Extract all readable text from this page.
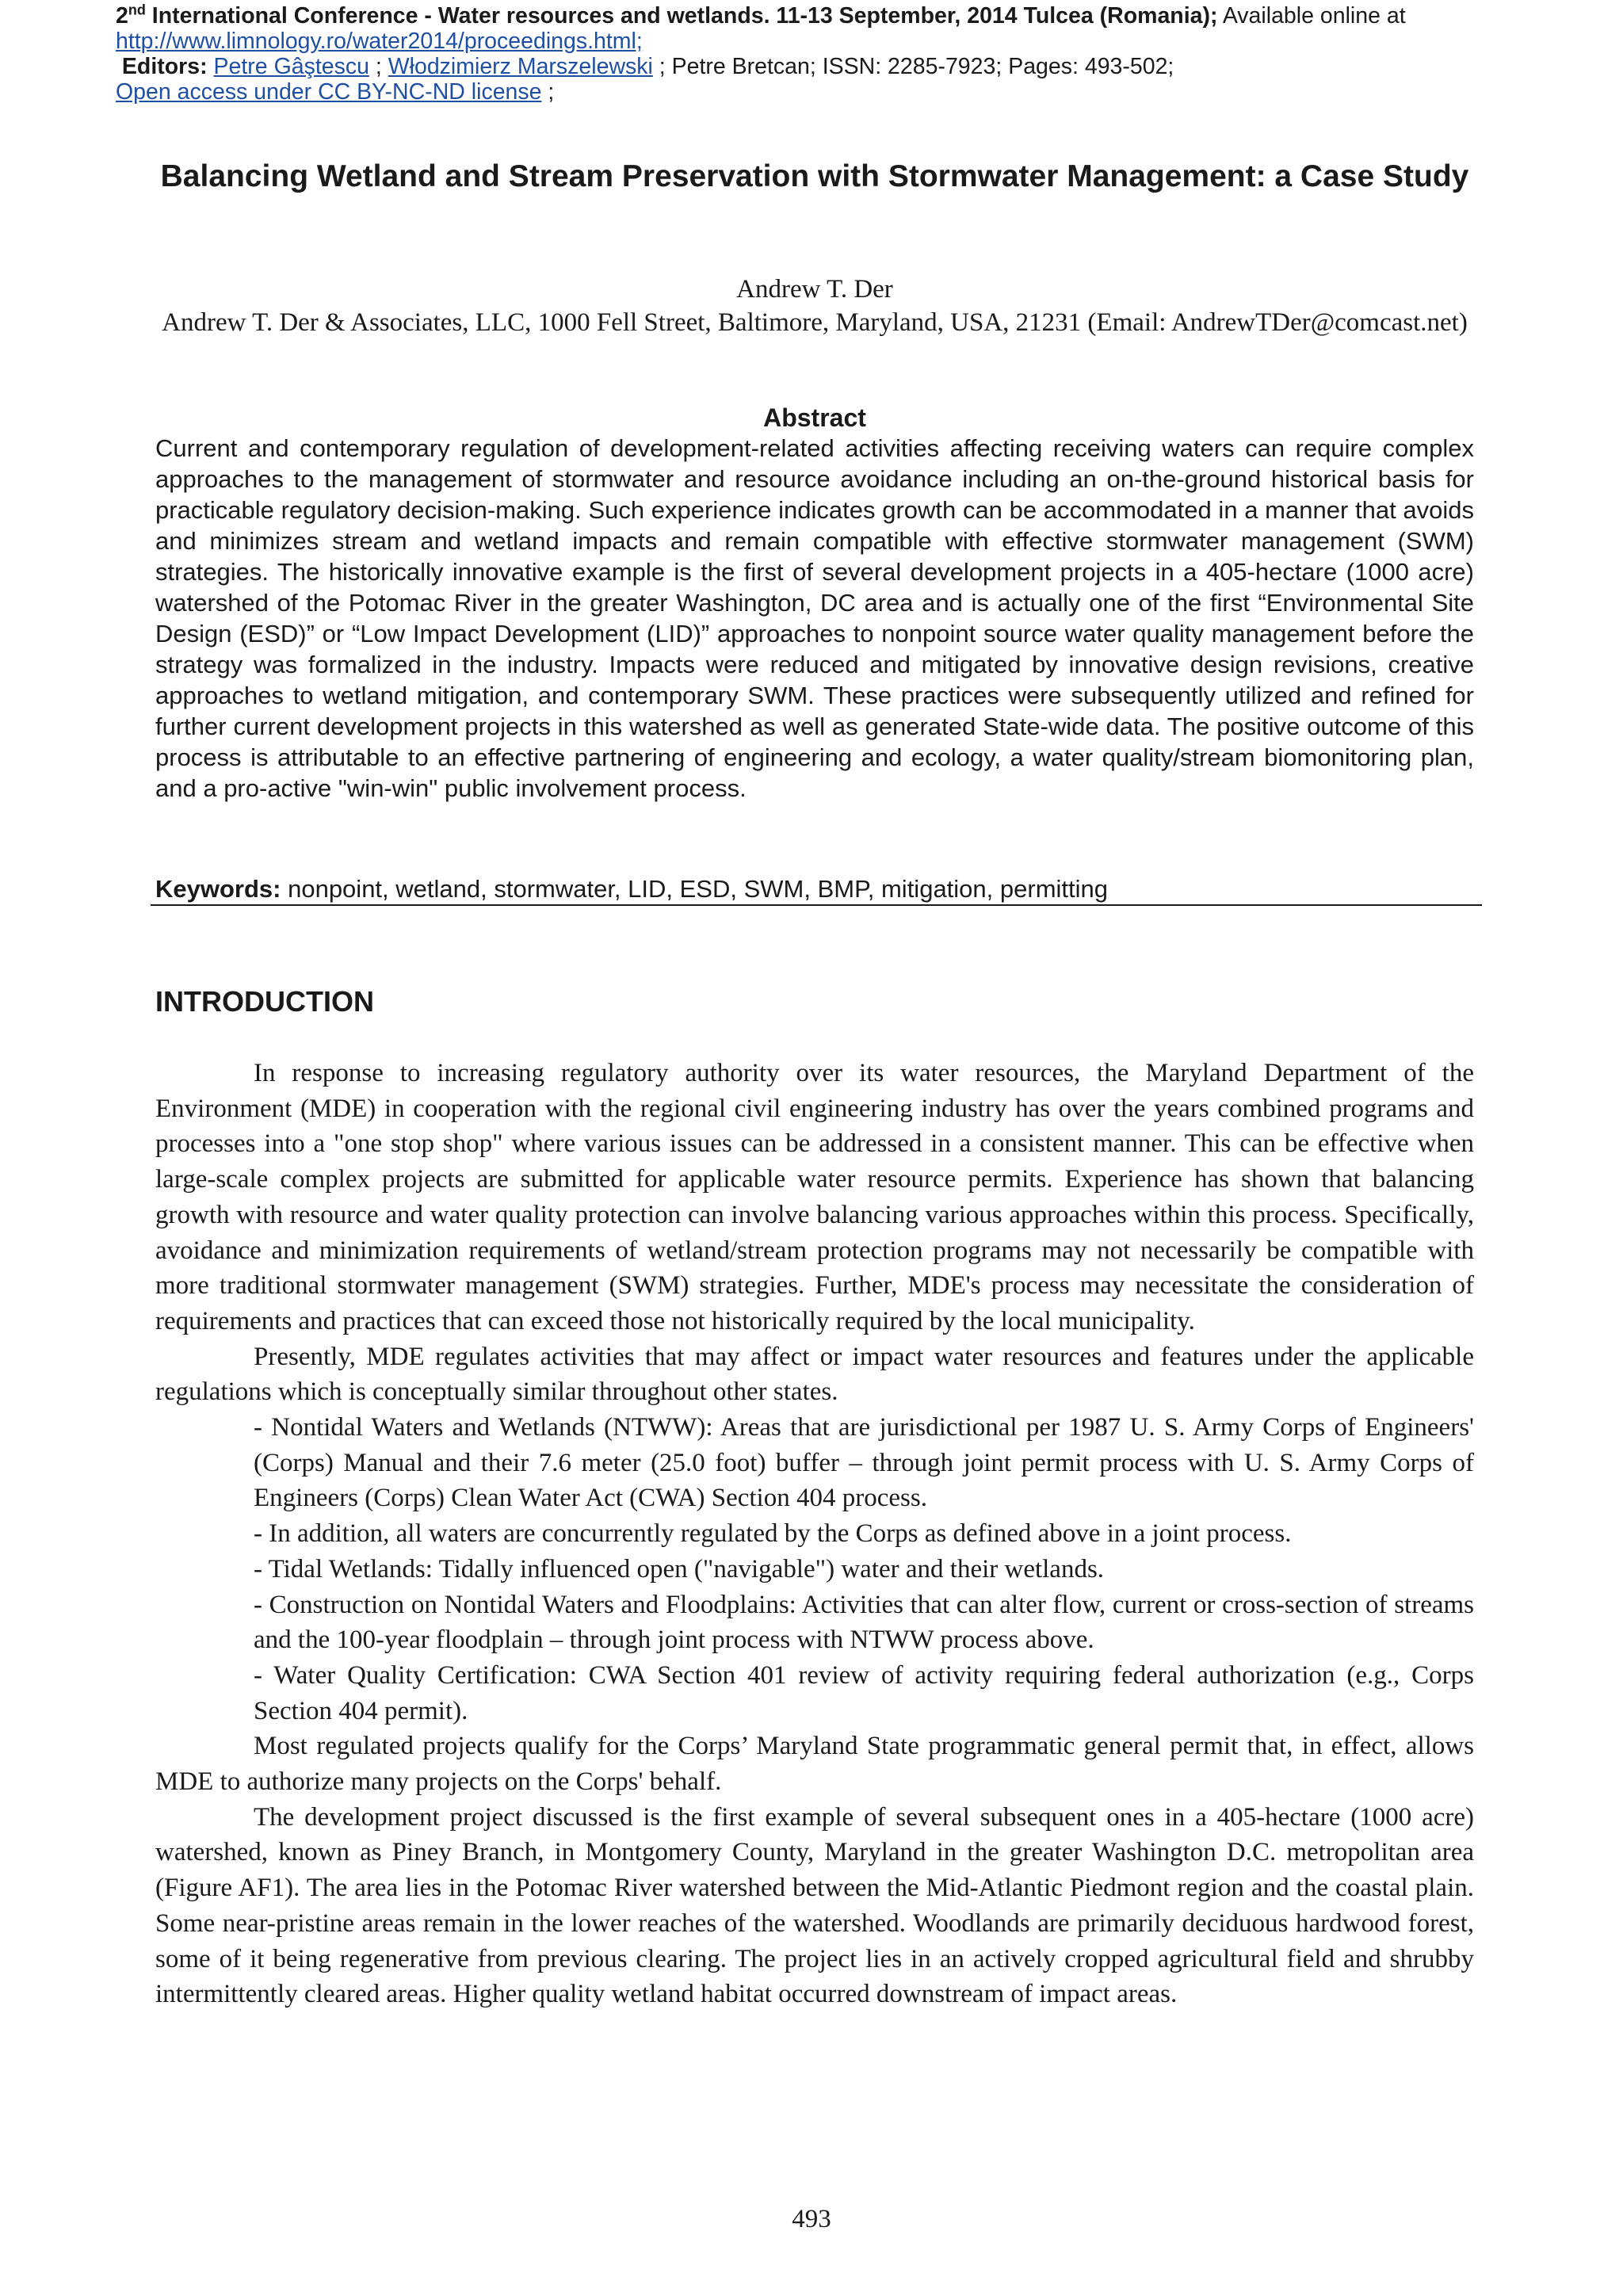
2nd International Conference - Water resources and wetlands. 11-13 September, 2014 Tulcea (Romania); Available online at
http://www.limnology.ro/water2014/proceedings.html;
Editors: Petre Gâştescu ; Włodzimierz Marszelewski ; Petre Bretcan; ISSN: 2285-7923; Pages: 493-502;
Open access under CC BY-NC-ND license ;
Balancing Wetland and Stream Preservation with Stormwater Management: a Case Study
Andrew T. Der
Andrew T. Der & Associates, LLC, 1000 Fell Street, Baltimore, Maryland, USA, 21231 (Email: AndrewTDer@comcast.net)
Abstract
Current and contemporary regulation of development-related activities affecting receiving waters can require complex approaches to the management of stormwater and resource avoidance including an on-the-ground historical basis for practicable regulatory decision-making. Such experience indicates growth can be accommodated in a manner that avoids and minimizes stream and wetland impacts and remain compatible with effective stormwater management (SWM) strategies. The historically innovative example is the first of several development projects in a 405-hectare (1000 acre) watershed of the Potomac River in the greater Washington, DC area and is actually one of the first “Environmental Site Design (ESD)” or “Low Impact Development (LID)” approaches to nonpoint source water quality management before the strategy was formalized in the industry. Impacts were reduced and mitigated by innovative design revisions, creative approaches to wetland mitigation, and contemporary SWM. These practices were subsequently utilized and refined for further current development projects in this watershed as well as generated State-wide data. The positive outcome of this process is attributable to an effective partnering of engineering and ecology, a water quality/stream biomonitoring plan, and a pro-active "win-win" public involvement process.
Keywords: nonpoint, wetland, stormwater, LID, ESD, SWM, BMP, mitigation, permitting
INTRODUCTION

In response to increasing regulatory authority over its water resources, the Maryland Department of the Environment (MDE) in cooperation with the regional civil engineering industry has over the years combined programs and processes into a "one stop shop" where various issues can be addressed in a consistent manner. This can be effective when large-scale complex projects are submitted for applicable water resource permits. Experience has shown that balancing growth with resource and water quality protection can involve balancing various approaches within this process. Specifically, avoidance and minimization requirements of wetland/stream protection programs may not necessarily be compatible with more traditional stormwater management (SWM) strategies. Further, MDE's process may necessitate the consideration of requirements and practices that can exceed those not historically required by the local municipality.

Presently, MDE regulates activities that may affect or impact water resources and features under the applicable regulations which is conceptually similar throughout other states.

- Nontidal Waters and Wetlands (NTWW): Areas that are jurisdictional per 1987 U. S. Army Corps of Engineers' (Corps) Manual and their 7.6 meter (25.0 foot) buffer – through joint permit process with U. S. Army Corps of Engineers (Corps) Clean Water Act (CWA) Section 404 process.

- In addition, all waters are concurrently regulated by the Corps as defined above in a joint process.

- Tidal Wetlands: Tidally influenced open ("navigable") water and their wetlands.

- Construction on Nontidal Waters and Floodplains: Activities that can alter flow, current or cross-section of streams and the 100-year floodplain – through joint process with NTWW process above.

- Water Quality Certification: CWA Section 401 review of activity requiring federal authorization (e.g., Corps Section 404 permit).

Most regulated projects qualify for the Corps’ Maryland State programmatic general permit that, in effect, allows MDE to authorize many projects on the Corps' behalf.

The development project discussed is the first example of several subsequent ones in a 405-hectare (1000 acre) watershed, known as Piney Branch, in Montgomery County, Maryland in the greater Washington D.C. metropolitan area (Figure AF1). The area lies in the Potomac River watershed between the Mid-Atlantic Piedmont region and the coastal plain. Some near-pristine areas remain in the lower reaches of the watershed. Woodlands are primarily deciduous hardwood forest, some of it being regenerative from previous clearing. The project lies in an actively cropped agricultural field and shrubby intermittently cleared areas. Higher quality wetland habitat occurred downstream of impact areas.

493
